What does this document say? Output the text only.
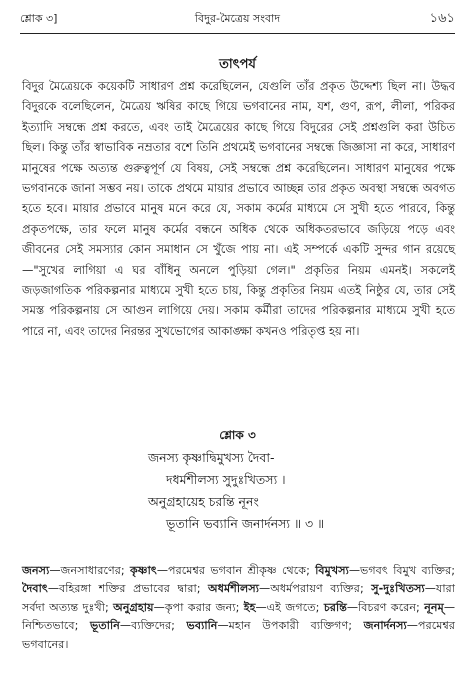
শ্লোক ৩]	বিদুর-মৈত্রেয় সংবাদ	১৬১
তাৎপর্য

বিদুর মৈত্রেয়কে কয়েকটি সাধারণ প্রশ্ন করেছিলেন, যেগুলি তাঁর প্রকৃত উদ্দেশ্য ছিল না। উদ্ধব বিদুরকে বলেছিলেন, মৈত্রেয় ঋষির কাছে গিয়ে ভগবানের নাম, যশ, গুণ, রূপ, লীলা, পরিকর ইত্যাদি সম্বন্ধে প্রশ্ন করতে, এবং তাই মৈত্রেয়ের কাছে গিয়ে বিদুরের সেই প্রশ্নগুলি করা উচিত ছিল। কিন্তু তাঁর স্বাভাবিক নম্রতার বশে তিনি প্রথমেই ভগবানের সম্বন্ধে জিজ্ঞাসা না করে, সাধারণ মানুষের পক্ষে অত্যন্ত গুরুত্বপূর্ণ যে বিষয়, সেই সম্বন্ধে প্রশ্ন করেছিলেন। সাধারণ মানুষের পক্ষে ভগবানকে জানা সম্ভব নয়। তাকে প্রথমে মায়ার প্রভাবে আচ্ছন্ন তার প্রকৃত অবস্থা সম্বন্ধে অবগত হতে হবে। মায়ার প্রভাবে মানুষ মনে করে যে, সকাম কর্মের মাধ্যমে সে সুখী হতে পারবে, কিন্তু প্রকৃতপক্ষে, তার ফলে মানুষ কর্মের বন্ধনে অধিক থেকে অধিকতরভাবে জড়িয়ে পড়ে এবং জীবনের সেই সমস্যার কোন সমাধান সে খুঁজে পায় না। এই সম্পর্কে একটি সুন্দর গান রয়েছে—"সুখের লাগিয়া এ ঘর বাঁধিনু অনলে পুড়িয়া গেল।" প্রকৃতির নিয়ম এমনই। সকলেই জড়জাগতিক পরিকল্পনার মাধ্যমে সুখী হতে চায়, কিন্তু প্রকৃতির নিয়ম এতই নিষ্ঠুর যে, তার সেই সমস্ত পরিকল্পনায় সে আগুন লাগিয়ে দেয়। সকাম কর্মীরা তাদের পরিকল্পনার মাধ্যমে সুখী হতে পারে না, এবং তাদের নিরন্তর সুখভোগের আকাঙ্ক্ষা কখনও পরিতৃপ্ত হয় না।

শ্লোক ৩
জনস্য কৃষ্ণাদ্বিমুখস্য দৈবা-
দধর্মশীলস্য সুদুঃখিতস্য ।
অনুগ্রহায়েহ চরন্তি নূনং
ভূতানি ভব্যানি জনার্দনস্য ॥ ৩ ॥
জনস্য—জনসাধারণের; কৃষ্ণাৎ—পরমেশ্বর ভগবান শ্রীকৃষ্ণ থেকে; বিমুখস্য—ভগবৎ বিমুখ ব্যক্তির; দৈবাৎ—বহিরঙ্গা শক্তির প্রভাবের দ্বারা; অধর্মশীলস্য—অধর্মপরায়ণ ব্যক্তির; সু-দুঃখিতস্য—যারা সর্বদা অত্যন্ত দুঃখী; অনুগ্রহায়—কৃপা করার জন্য; ইহ—এই জগতে; চরন্তি—বিচরণ করেন; নূনম্—নিশ্চিতভাবে; ভূতানি—ব্যক্তিদের; ভব্যানি—মহান উপকারী ব্যক্তিগণ; জনার্দনস্য—পরমেশ্বর ভগবানের।
